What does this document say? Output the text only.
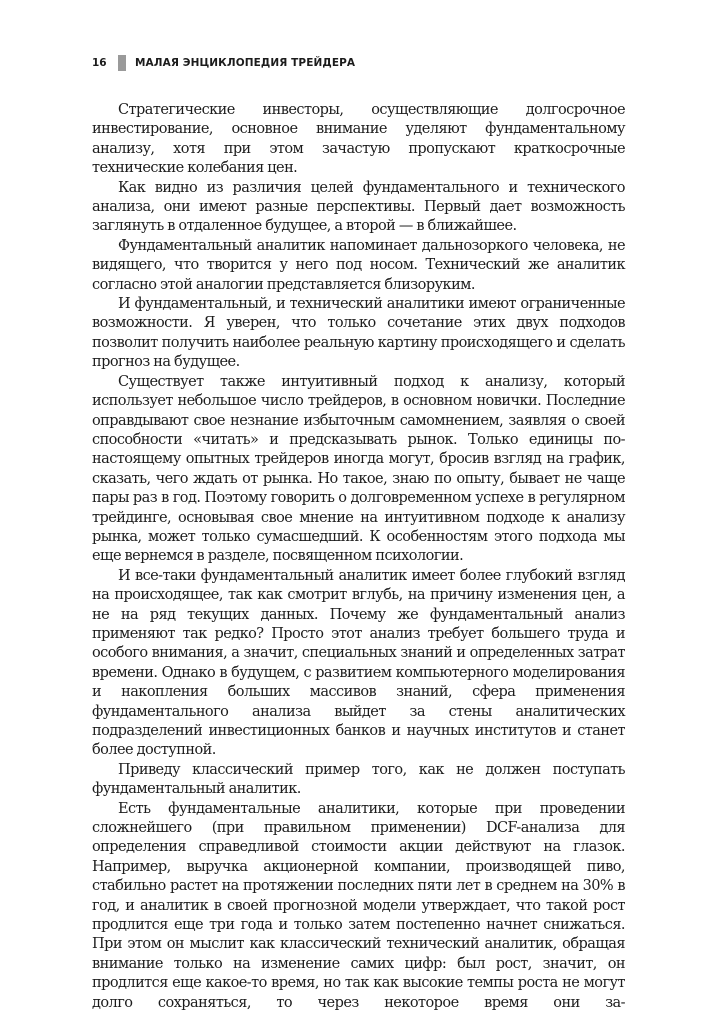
16	МАЛАЯ ЭНЦИКЛОПЕДИЯ ТРЕЙДЕРА

Стратегические инвесторы, осуществляющие долгосрочное инвестирование, основное внимание уделяют фундаментальному анализу, хотя при этом зачастую пропускают краткосрочные технические колебания цен.

Как видно из различия целей фундаментального и технического анализа, они имеют разные перспективы. Первый дает возможность заглянуть в отдаленное будущее, а второй — в ближайшее.

Фундаментальный аналитик напоминает дальнозоркого человека, не видящего, что творится у него под носом. Технический же аналитик согласно этой аналогии представляется близоруким.

И фундаментальный, и технический аналитики имеют ограниченные возможности. Я уверен, что только сочетание этих двух подходов позволит получить наиболее реальную картину происходящего и сделать прогноз на будущее.

Существует также интуитивный подход к анализу, который использует небольшое число трейдеров, в основном новички. Последние оправдывают свое незнание избыточным самомнением, заявляя о своей способности «читать» и предсказывать рынок. Только единицы по-настоящему опытных трейдеров иногда могут, бросив взгляд на график, сказать, чего ждать от рынка. Но такое, знаю по опыту, бывает не чаще пары раз в год. Поэтому говорить о долговременном успехе в регулярном трейдинге, основывая свое мнение на интуитивном подходе к анализу рынка, может только сумасшедший. К особенностям этого подхода мы еще вернемся в разделе, посвященном психологии.

И все-таки фундаментальный аналитик имеет более глубокий взгляд на происходящее, так как смотрит вглубь, на причину изменения цен, а не на ряд текущих данных. Почему же фундаментальный анализ применяют так редко? Просто этот анализ требует большего труда и особого внимания, а значит, специальных знаний и определенных затрат времени. Однако в будущем, с развитием компьютерного моделирования и накопления больших массивов знаний, сфера применения фундаментального анализа выйдет за стены аналитических подразделений инвестиционных банков и научных институтов и станет более доступной.

Приведу классический пример того, как не должен поступать фундаментальный аналитик.

Есть фундаментальные аналитики, которые при проведении сложнейшего (при правильном применении) DCF-анализа для определения справедливой стоимости акции действуют на глазок. Например, выручка акционерной компании, производящей пиво, стабильно растет на протяжении последних пяти лет в среднем на 30% в год, и аналитик в своей прогнозной модели утверждает, что такой рост продлится еще три года и только затем постепенно начнет снижаться. При этом он мыслит как классический технический аналитик, обращая внимание только на изменение самих цифр: был рост, значит, он продлится еще какое-то время, но так как высокие темпы роста не могут долго сохраняться, то через некоторое время они за-
